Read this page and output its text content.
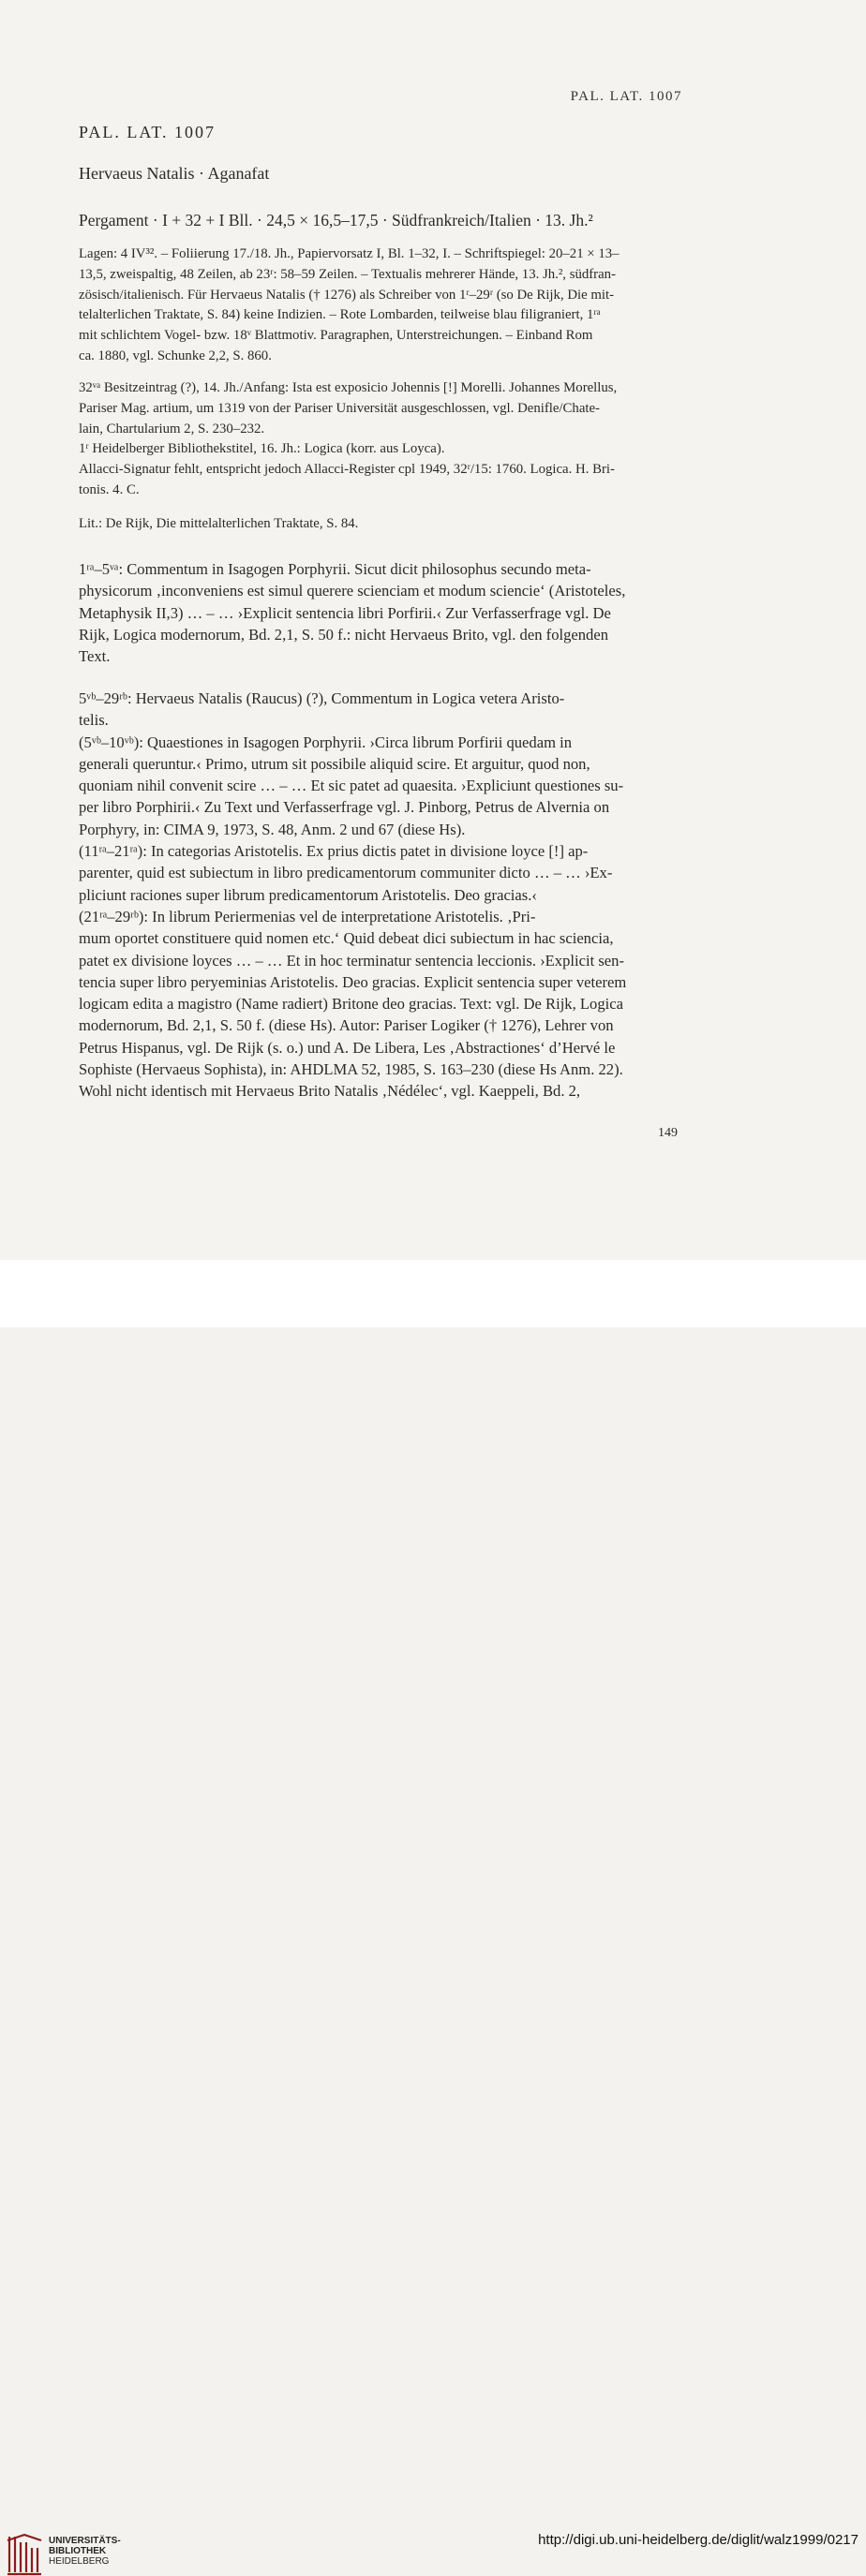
PAL. LAT. 1007
PAL. LAT. 1007
Hervaeus Natalis · Aganafat
Pergament · I + 32 + I Bll. · 24,5 × 16,5–17,5 · Südfrankreich/Italien · 13. Jh.²

Lagen: 4 IV³². – Foliierung 17./18. Jh., Papiervorsatz I, Bl. 1–32, I. – Schriftspiegel: 20–21 × 13–

13,5, zweispaltig, 48 Zeilen, ab 23ʳ: 58–59 Zeilen. – Textualis mehrerer Hände, 13. Jh.², südfran-

zösisch/italienisch. Für Hervaeus Natalis († 1276) als Schreiber von 1ʳ–29ʳ (so De Rijk, Die mit-

telalterlichen Traktate, S. 84) keine Indizien. – Rote Lombarden, teilweise blau filigraniert, 1ʳᵃ

mit schlichtem Vogel- bzw. 18ᵛ Blattmotiv. Paragraphen, Unterstreichungen. – Einband Rom

ca. 1880, vgl. Schunke 2,2, S. 860.

32ᵛᵃ Besitzeintrag (?), 14. Jh./Anfang: Ista est exposicio Johennis [!] Morelli. Johannes Morellus,

Pariser Mag. artium, um 1319 von der Pariser Universität ausgeschlossen, vgl. Denifle/Chate-

lain, Chartularium 2, S. 230–232.

1ʳ Heidelberger Bibliothekstitel, 16. Jh.: Logica (korr. aus Loyca).

Allacci-Signatur fehlt, entspricht jedoch Allacci-Register cpl 1949, 32ʳ/15: 1760. Logica. H. Bri-

tonis. 4. C.

Lit.: De Rijk, Die mittelalterlichen Traktate, S. 84.

1ʳᵃ–5ᵛᵃ: Commentum in Isagogen Porphyrii. Sicut dicit philosophus secundo meta-

physicorum ‚inconveniens est simul querere scienciam et modum sciencie‘ (Aristoteles,

Metaphysik II,3) … – … ›Explicit sentencia libri Porfirii.‹ Zur Verfasserfrage vgl. De

Rijk, Logica modernorum, Bd. 2,1, S. 50 f.: nicht Hervaeus Brito, vgl. den folgenden

Text.

5ᵛᵇ–29ʳᵇ: Hervaeus Natalis (Raucus) (?), Commentum in Logica vetera Aristo-

telis.

(5ᵛᵇ–10ᵛᵇ): Quaestiones in Isagogen Porphyrii. ›Circa librum Porfirii quedam in

generali queruntur.‹ Primo, utrum sit possibile aliquid scire. Et arguitur, quod non,

quoniam nihil convenit scire … – … Et sic patet ad quaesita. ›Expliciunt questiones su-

per libro Porphirii.‹ Zu Text und Verfasserfrage vgl. J. Pinborg, Petrus de Alvernia on

Porphyry, in: CIMA 9, 1973, S. 48, Anm. 2 und 67 (diese Hs).

(11ʳᵃ–21ʳᵃ): In categorias Aristotelis. Ex prius dictis patet in divisione loyce [!] ap-

parenter, quid est subiectum in libro predicamentorum communiter dicto … – … ›Ex-

pliciunt raciones super librum predicamentorum Aristotelis. Deo gracias.‹

(21ʳᵃ–29ʳᵇ): In librum Periermenias vel de interpretatione Aristotelis. ‚Pri-

mum oportet constituere quid nomen etc.‘ Quid debeat dici subiectum in hac sciencia,

patet ex divisione loyces … – … Et in hoc terminatur sentencia leccionis. ›Explicit sen-

tencia super libro peryeminias Aristotelis. Deo gracias. Explicit sentencia super veterem

logicam edita a magistro (Name radiert) Britone deo gracias. Text: vgl. De Rijk, Logica

modernorum, Bd. 2,1, S. 50 f. (diese Hs). Autor: Pariser Logiker († 1276), Lehrer von

Petrus Hispanus, vgl. De Rijk (s. o.) und A. De Libera, Les ‚Abstractiones‘ d’Hervé le

Sophiste (Hervaeus Sophista), in: AHDLMA 52, 1985, S. 163–230 (diese Hs Anm. 22).

Wohl nicht identisch mit Hervaeus Brito Natalis ‚Nédélec‘, vgl. Kaeppeli, Bd. 2,

149
UNIVERSITÄTS-
BIBLIOTHEK
HEIDELBERG
http://digi.ub.uni-heidelberg.de/diglit/walz1999/0217
